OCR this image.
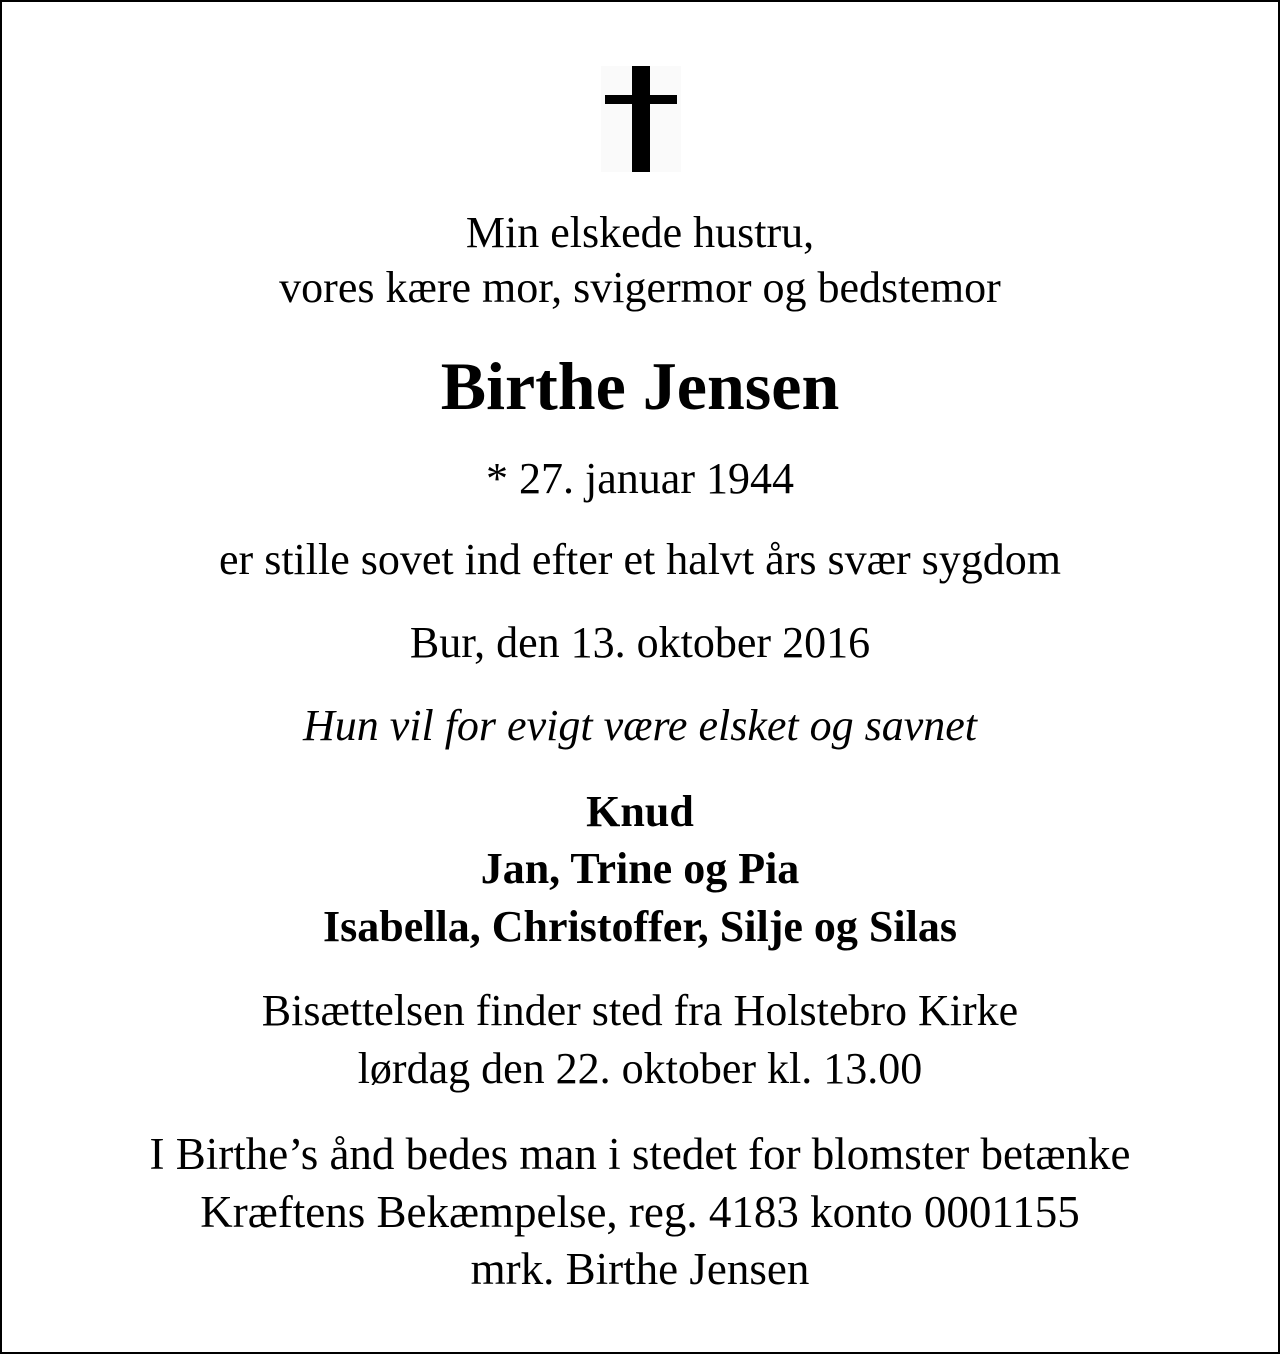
Min elskede hustru,
vores kære mor, svigermor og bedstemor
Birthe Jensen
* 27. januar 1944
er stille sovet ind efter et halvt års svær sygdom
Bur, den 13. oktober 2016
Hun vil for evigt være elsket og savnet
Knud
Jan, Trine og Pia
Isabella, Christoffer, Silje og Silas
Bisættelsen finder sted fra Holstebro Kirke
lørdag den 22. oktober kl. 13.00
I Birthe’s ånd bedes man i stedet for blomster betænke
Kræftens Bekæmpelse, reg. 4183 konto 0001155
mrk. Birthe Jensen
